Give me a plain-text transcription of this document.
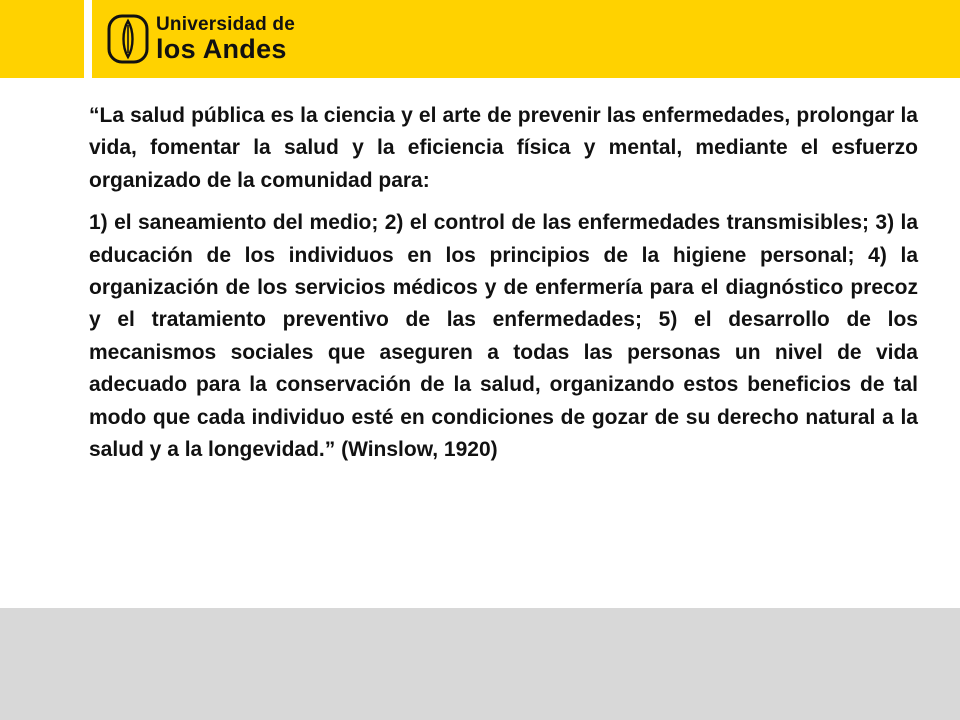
Universidad de
los Andes

“La salud pública es la ciencia y el arte de prevenir las enfermedades, prolongar la vida, fomentar la salud y la eficiencia física y mental, mediante el esfuerzo organizado de la comunidad para:

1) el saneamiento del medio; 2) el control de las enfermedades transmisibles; 3) la educación de los individuos en los principios de la higiene personal; 4) la organización de los servicios médicos y de enfermería para el diagnóstico precoz y el tratamiento preventivo de las enfermedades; 5) el desarrollo de los mecanismos sociales que aseguren a todas las personas un nivel de vida adecuado para la conservación de la salud, organizando estos beneficios de tal modo que cada individuo esté en condiciones de gozar de su derecho natural a la salud y a la longevidad.” (Winslow, 1920)
